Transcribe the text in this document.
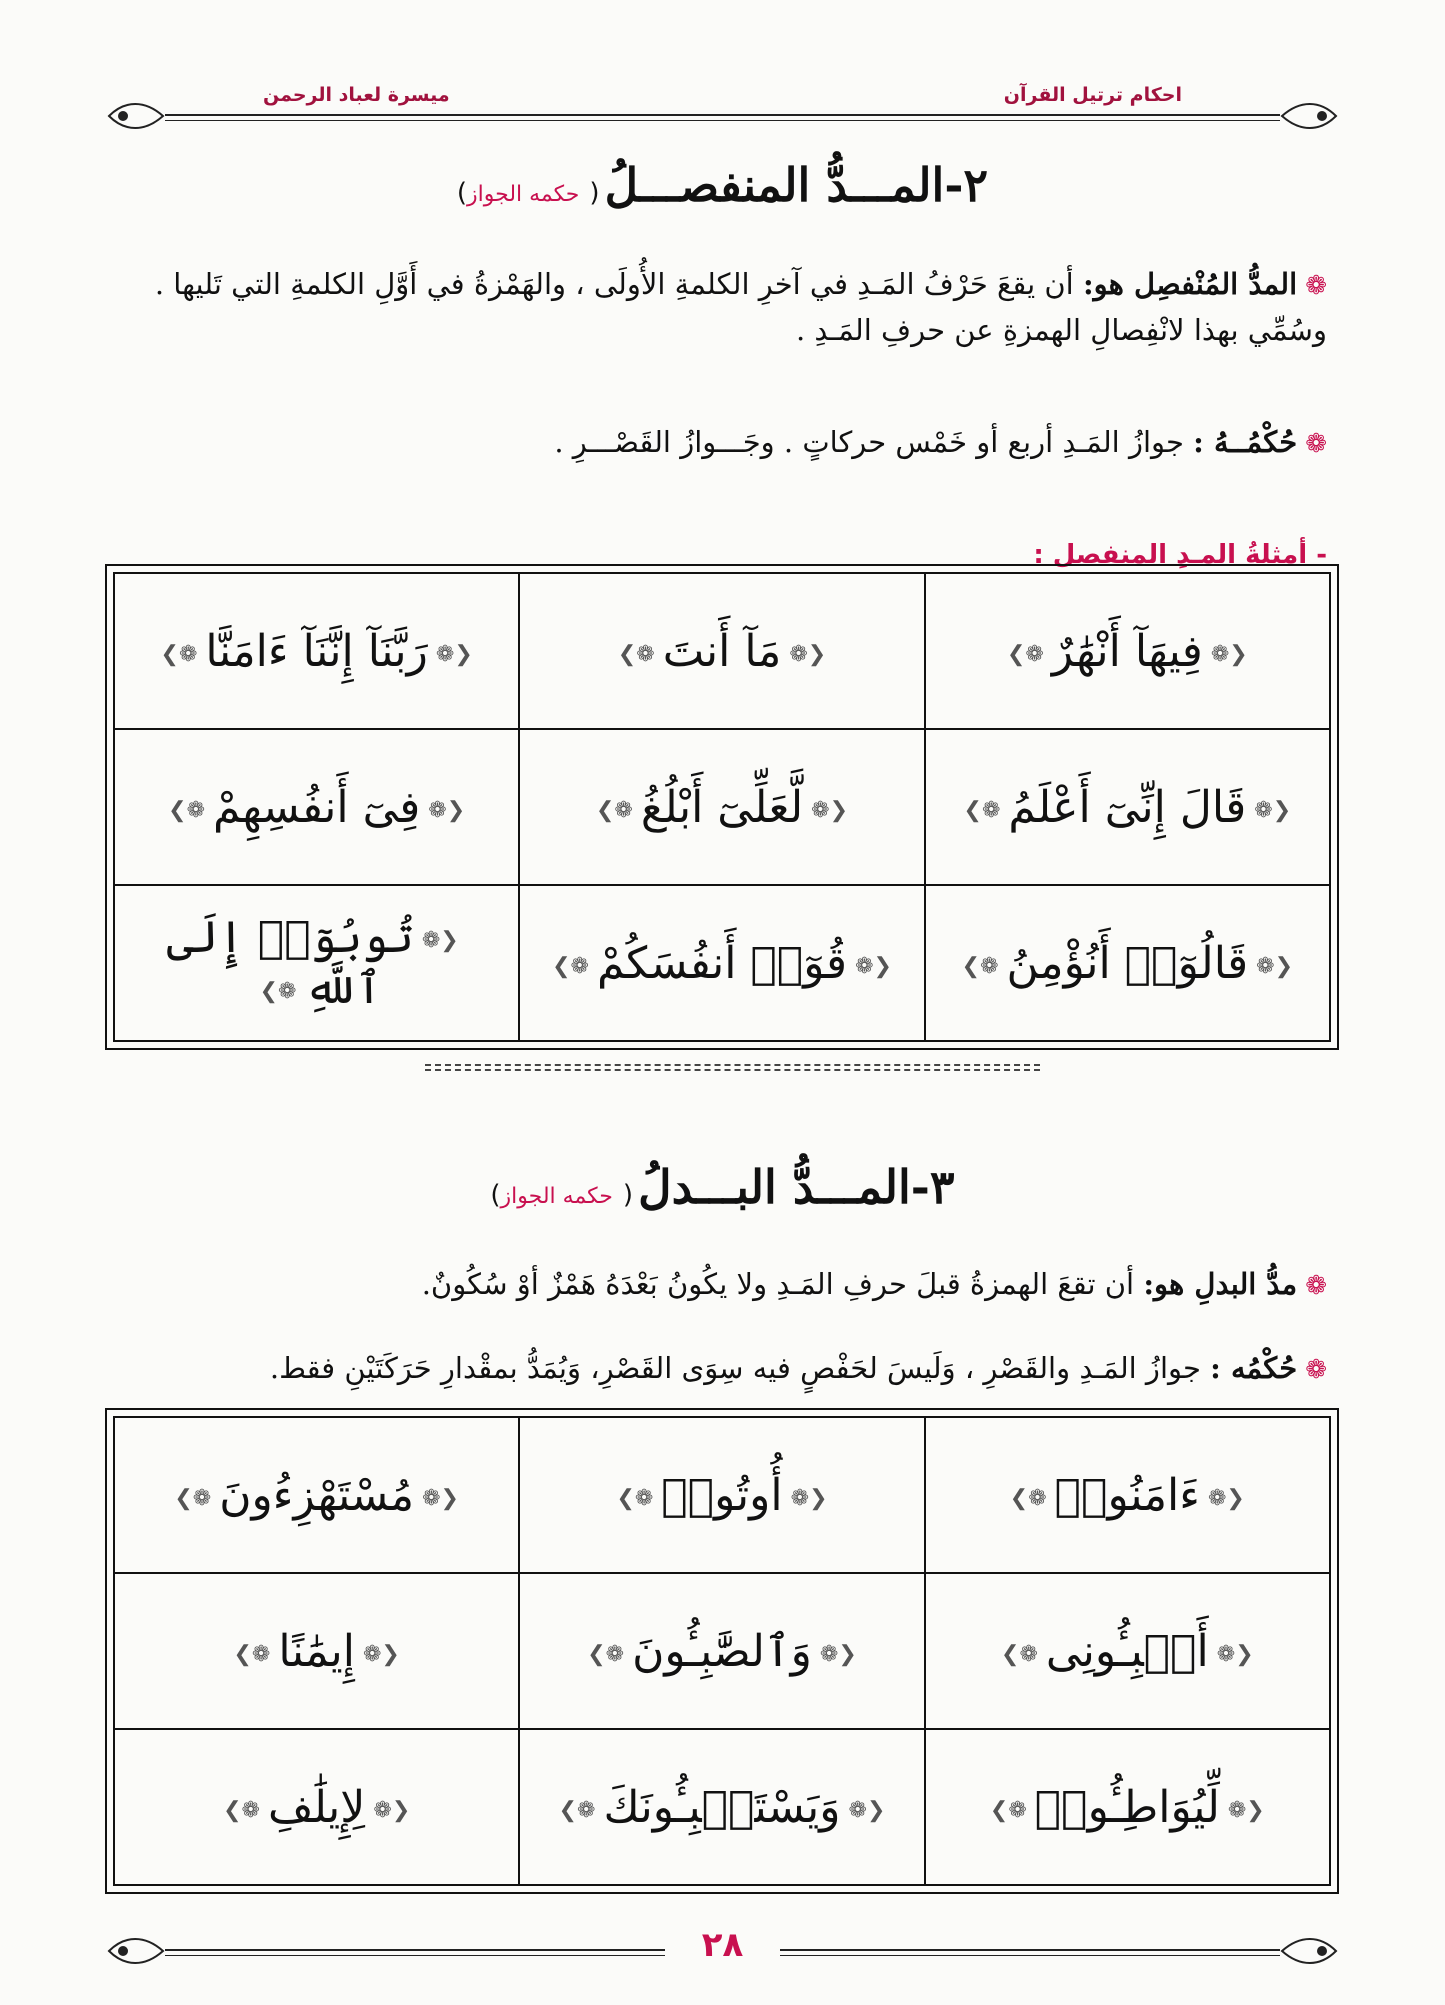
احكام ترتيل القرآن
ميسرة لعباد الرحمن
٢-المـــدُّ المنفصـــلُ (حكمه الجواز)
❁المدُّ المُنْفصِل هو: أن يقعَ حَرْفُ المَـدِ في آخرِ الكلمةِ الأُولَى ، والهَمْزةُ في أَوَّلِ الكلمةِ التي تَليها . وسُمِّي بهذا لانْفِصالِ الهمزةِ عن حرفِ المَـدِ .
❁حُكْمُــهُ : جوازُ المَـدِ أربع أو خَمْس حركاتٍ . وجَـــوازُ القَصْـــرِ .
- أمثلةُ المـدِ المنفصل :
❮❁فِيهَآ أَنْهَٰرٌ❁❯	❮❁مَآ أَنتَ❁❯	❮❁رَبَّنَآ إِنَّنَآ ءَامَنَّا❁❯
❮❁قَالَ إِنِّىٓ أَعْلَمُ❁❯	❮❁لَّعَلِّىٓ أَبْلُغُ❁❯	❮❁فِىٓ أَنفُسِهِمْ❁❯
❮❁قَالُوٓا۟ أَنُؤْمِنُ❁❯	❮❁قُوٓا۟ أَنفُسَكُمْ❁❯	❮❁تُوبُوٓا۟ إِلَى ٱللَّهِ❁❯
٣-المـــدُّ البـــدلُ (حكمه الجواز)
❁مدُّ البدلِ هو: أن تقعَ الهمزةُ قبلَ حرفِ المَـدِ ولا يكُونُ بَعْدَهُ هَمْزٌ أوْ سُكُونٌ.
❁حُكْمُه : جوازُ المَـدِ والقَصْرِ ، وَلَيسَ لحَفْصٍ فيه سِوَى القَصْرِ، وَيُمَدُّ بمقْدارِ حَرَكَتَيْنِ فقط.
❮❁ءَامَنُوا۟❁❯	❮❁أُوتُوا۟❁❯	❮❁مُسْتَهْزِءُونَ❁❯
❮❁أَنۢبِـُٔونِى❁❯	❮❁وَٱلصَّٰبِـُٔونَ❁❯	❮❁إِيمَٰنًا❁❯
❮❁لِّيُوَاطِـُٔوا۟❁❯	❮❁وَيَسْتَنۢبِـُٔونَكَ❁❯	❮❁لِإِيلَٰفِ❁❯
٢٨
